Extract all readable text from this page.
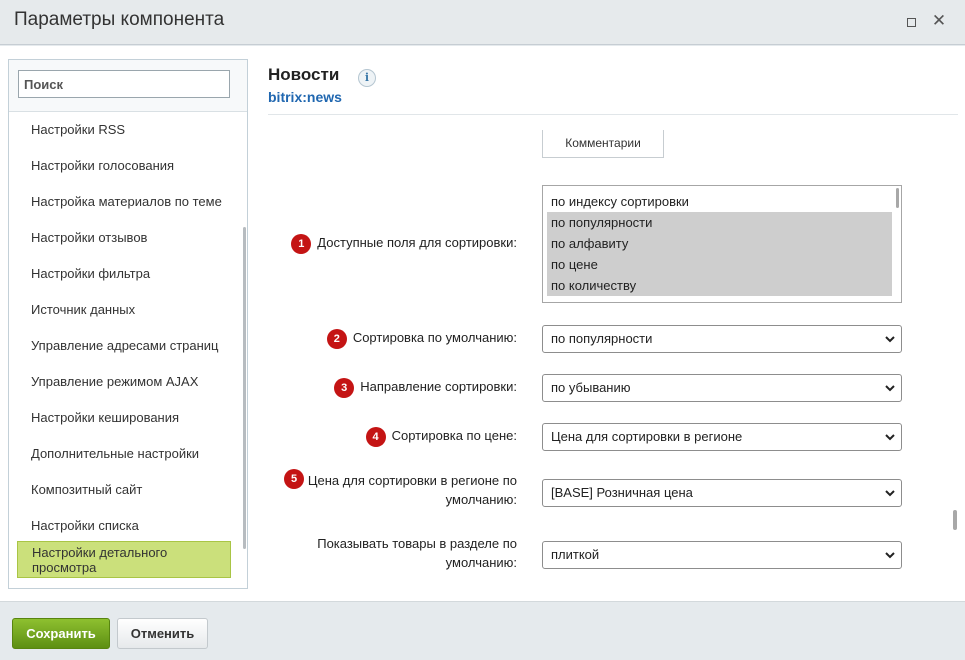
Параметры компонента	✕
Поиск
Настройки RSS
Настройки голосования
Настройка материалов по теме
Настройки отзывов
Настройки фильтра
Источник данных
Управление адресами страниц
Управление режимом AJAX
Настройки кеширования
Дополнительные настройки
Композитный сайт
Настройки списка
Настройки детального просмотра
Новости	i
bitrix:news
Комментарии
1 Доступные поля для сортировки:
по индексу сортировки
по популярности
по алфавиту
по цене
по количеству
2 Сортировка по умолчанию:	по популярности
3 Направление сортировки:	по убыванию
4 Сортировка по цене:	Цена для сортировки в регионе
5 Цена для сортировки в регионе по
умолчанию:	[BASE] Розничная цена
Показывать товары в разделе по
умолчанию:
плиткой
Сохранить	Отменить
